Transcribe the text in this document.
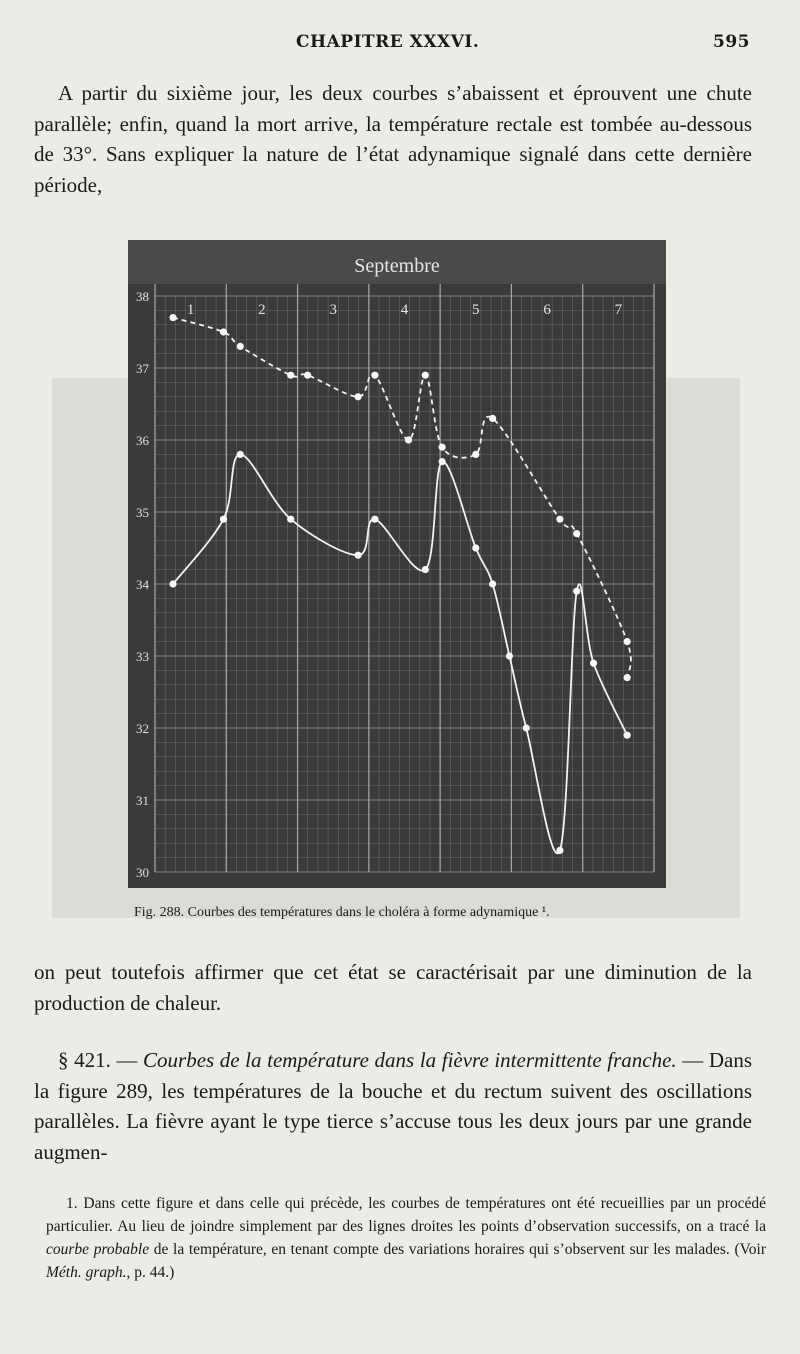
CHAPITRE XXXVI.	595
A partir du sixième jour, les deux courbes s’abaissent et éprouvent une chute parallèle; enfin, quand la mort arrive, la température rectale est tombée au-dessous de 33°. Sans expliquer la nature de l’état adynamique signalé dans cette dernière période,
Septembre
1	2	3	4	5	6	7
38
37
36
35
34
33
32
31
30
Fig. 288. Courbes des températures dans le choléra à forme adynamique ¹.
on peut toutefois affirmer que cet état se caractérisait par une diminution de la production de chaleur.
§ 421. — Courbes de la température dans la fièvre intermittente franche. — Dans la figure 289, les températures de la bouche et du rectum suivent des oscillations parallèles. La fièvre ayant le type tierce s’accuse tous les deux jours par une grande augmen-
1. Dans cette figure et dans celle qui précède, les courbes de températures ont été recueillies par un procédé particulier. Au lieu de joindre simplement par des lignes droites les points d’observation successifs, on a tracé la courbe probable de la température, en tenant compte des variations horaires qui s’observent sur les malades. (Voir Méth. graph., p. 44.)
